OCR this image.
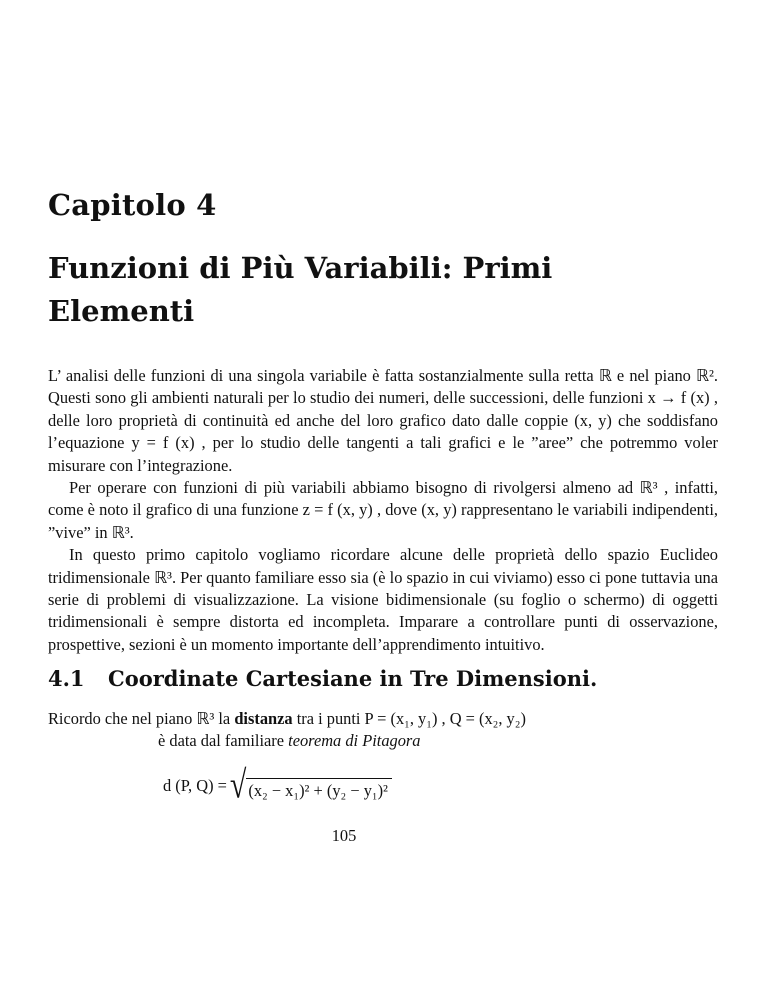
Capitolo 4
Funzioni di Più Variabili: Primi Elementi

L’ analisi delle funzioni di una singola variabile è fatta sostanzialmente sulla retta ℝ e nel piano ℝ². Questi sono gli ambienti naturali per lo studio dei numeri, delle successioni, delle funzioni x → f (x) , delle loro proprietà di continuità ed anche del loro grafico dato dalle coppie (x, y) che soddisfano l’equazione y = f (x) , per lo studio delle tangenti a tali grafici e le ”aree” che potremmo voler misurare con l’integrazione.

Per operare con funzioni di più variabili abbiamo bisogno di rivolgersi almeno ad ℝ³ , infatti, come è noto il grafico di una funzione z = f (x, y) , dove (x, y) rappresentano le variabili indipendenti, ”vive” in ℝ³.

In questo primo capitolo vogliamo ricordare alcune delle proprietà dello spazio Euclideo tridimensionale ℝ³. Per quanto familiare esso sia (è lo spazio in cui viviamo) esso ci pone tuttavia una serie di problemi di visualizzazione. La visione bidimensionale (su foglio o schermo) di oggetti tridimensionali è sempre distorta ed incompleta. Imparare a controllare punti di osservazione, prospettive, sezioni è un momento importante dell’apprendimento intuitivo.

4.1	Coordinate Cartesiane in Tre Dimensioni.
Ricordo che nel piano ℝ³ la distanza tra i punti P = (x₁, y₁) , Q = (x₂, y₂)
è data dal familiare teorema di Pitagora
d (P, Q) = √ (x₂ − x₁)² + (y₂ − y₁)²
105
